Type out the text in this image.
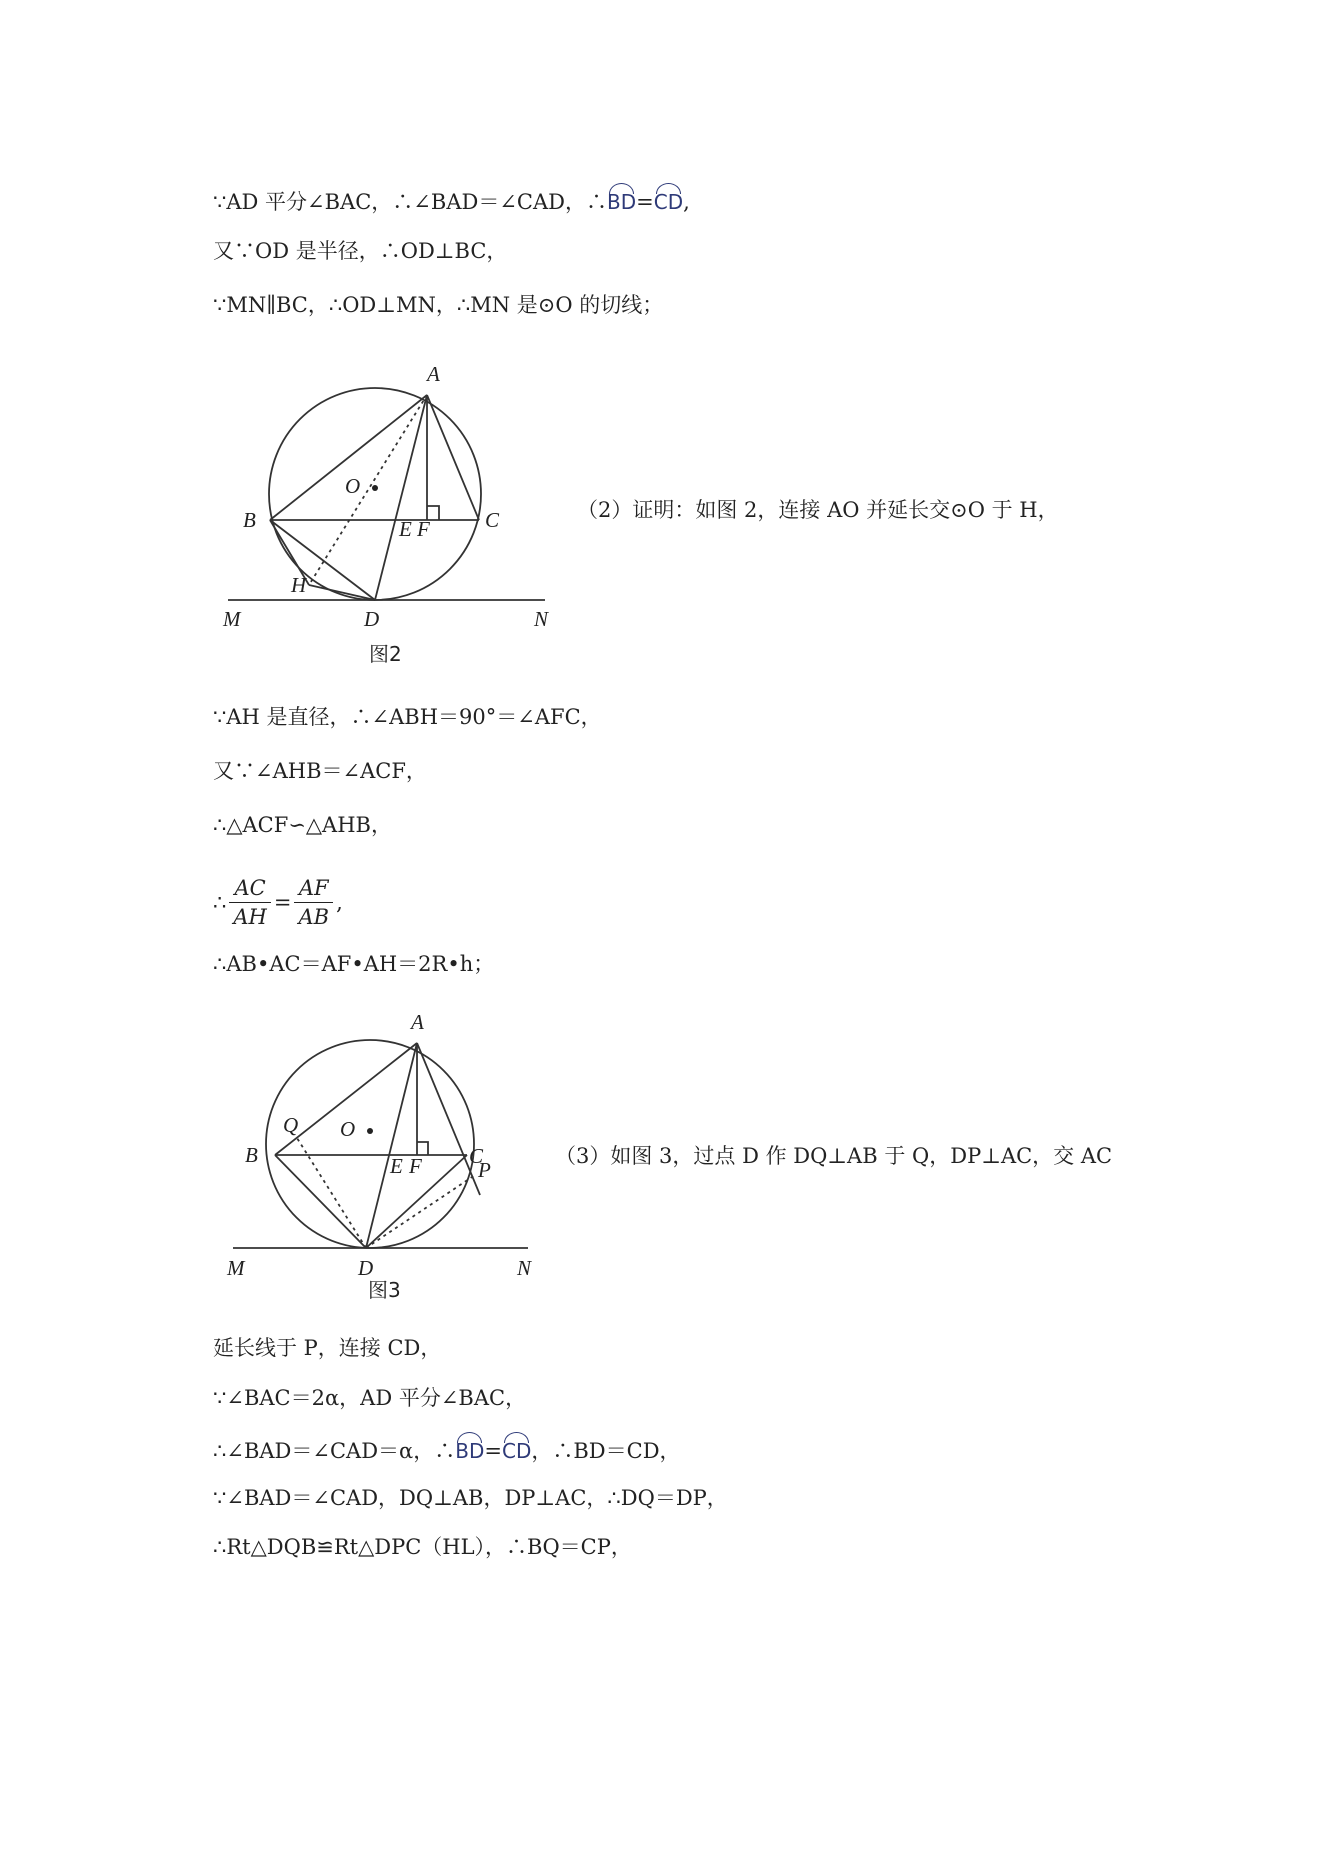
∵AD 平分∠BAC，∴∠BAD＝∠CAD，∴BD=CD,
又∵OD 是半径，∴OD⊥BC，
∵MN∥BC，∴OD⊥MN，∴MN 是⊙O 的切线；
A
O
B	C
E F
H
M	D	N
图2
（2）证明：如图 2，连接 AO 并延长交⊙O 于 H，
∵AH 是直径，∴∠ABH＝90°＝∠AFC，
又∵∠AHB＝∠ACF，
∴△ACF∽△AHB，
∴ $\frac{AC}{AH} = \frac{AF}{AB}$ ,
∴AB•AC＝AF•AH＝2R•h；
A
Q O
B	E F C
P
M	D	N
图3
（3）如图 3，过点 D 作 DQ⊥AB 于 Q，DP⊥AC，交 AC
延长线于 P，连接 CD，
∵∠BAC＝2α，AD 平分∠BAC，
∴∠BAD＝∠CAD＝α，∴BD=CD，∴BD＝CD，
∵∠BAD＝∠CAD，DQ⊥AB，DP⊥AC，∴DQ＝DP，
∴Rt△DQB≌Rt△DPC（HL），∴BQ＝CP，
